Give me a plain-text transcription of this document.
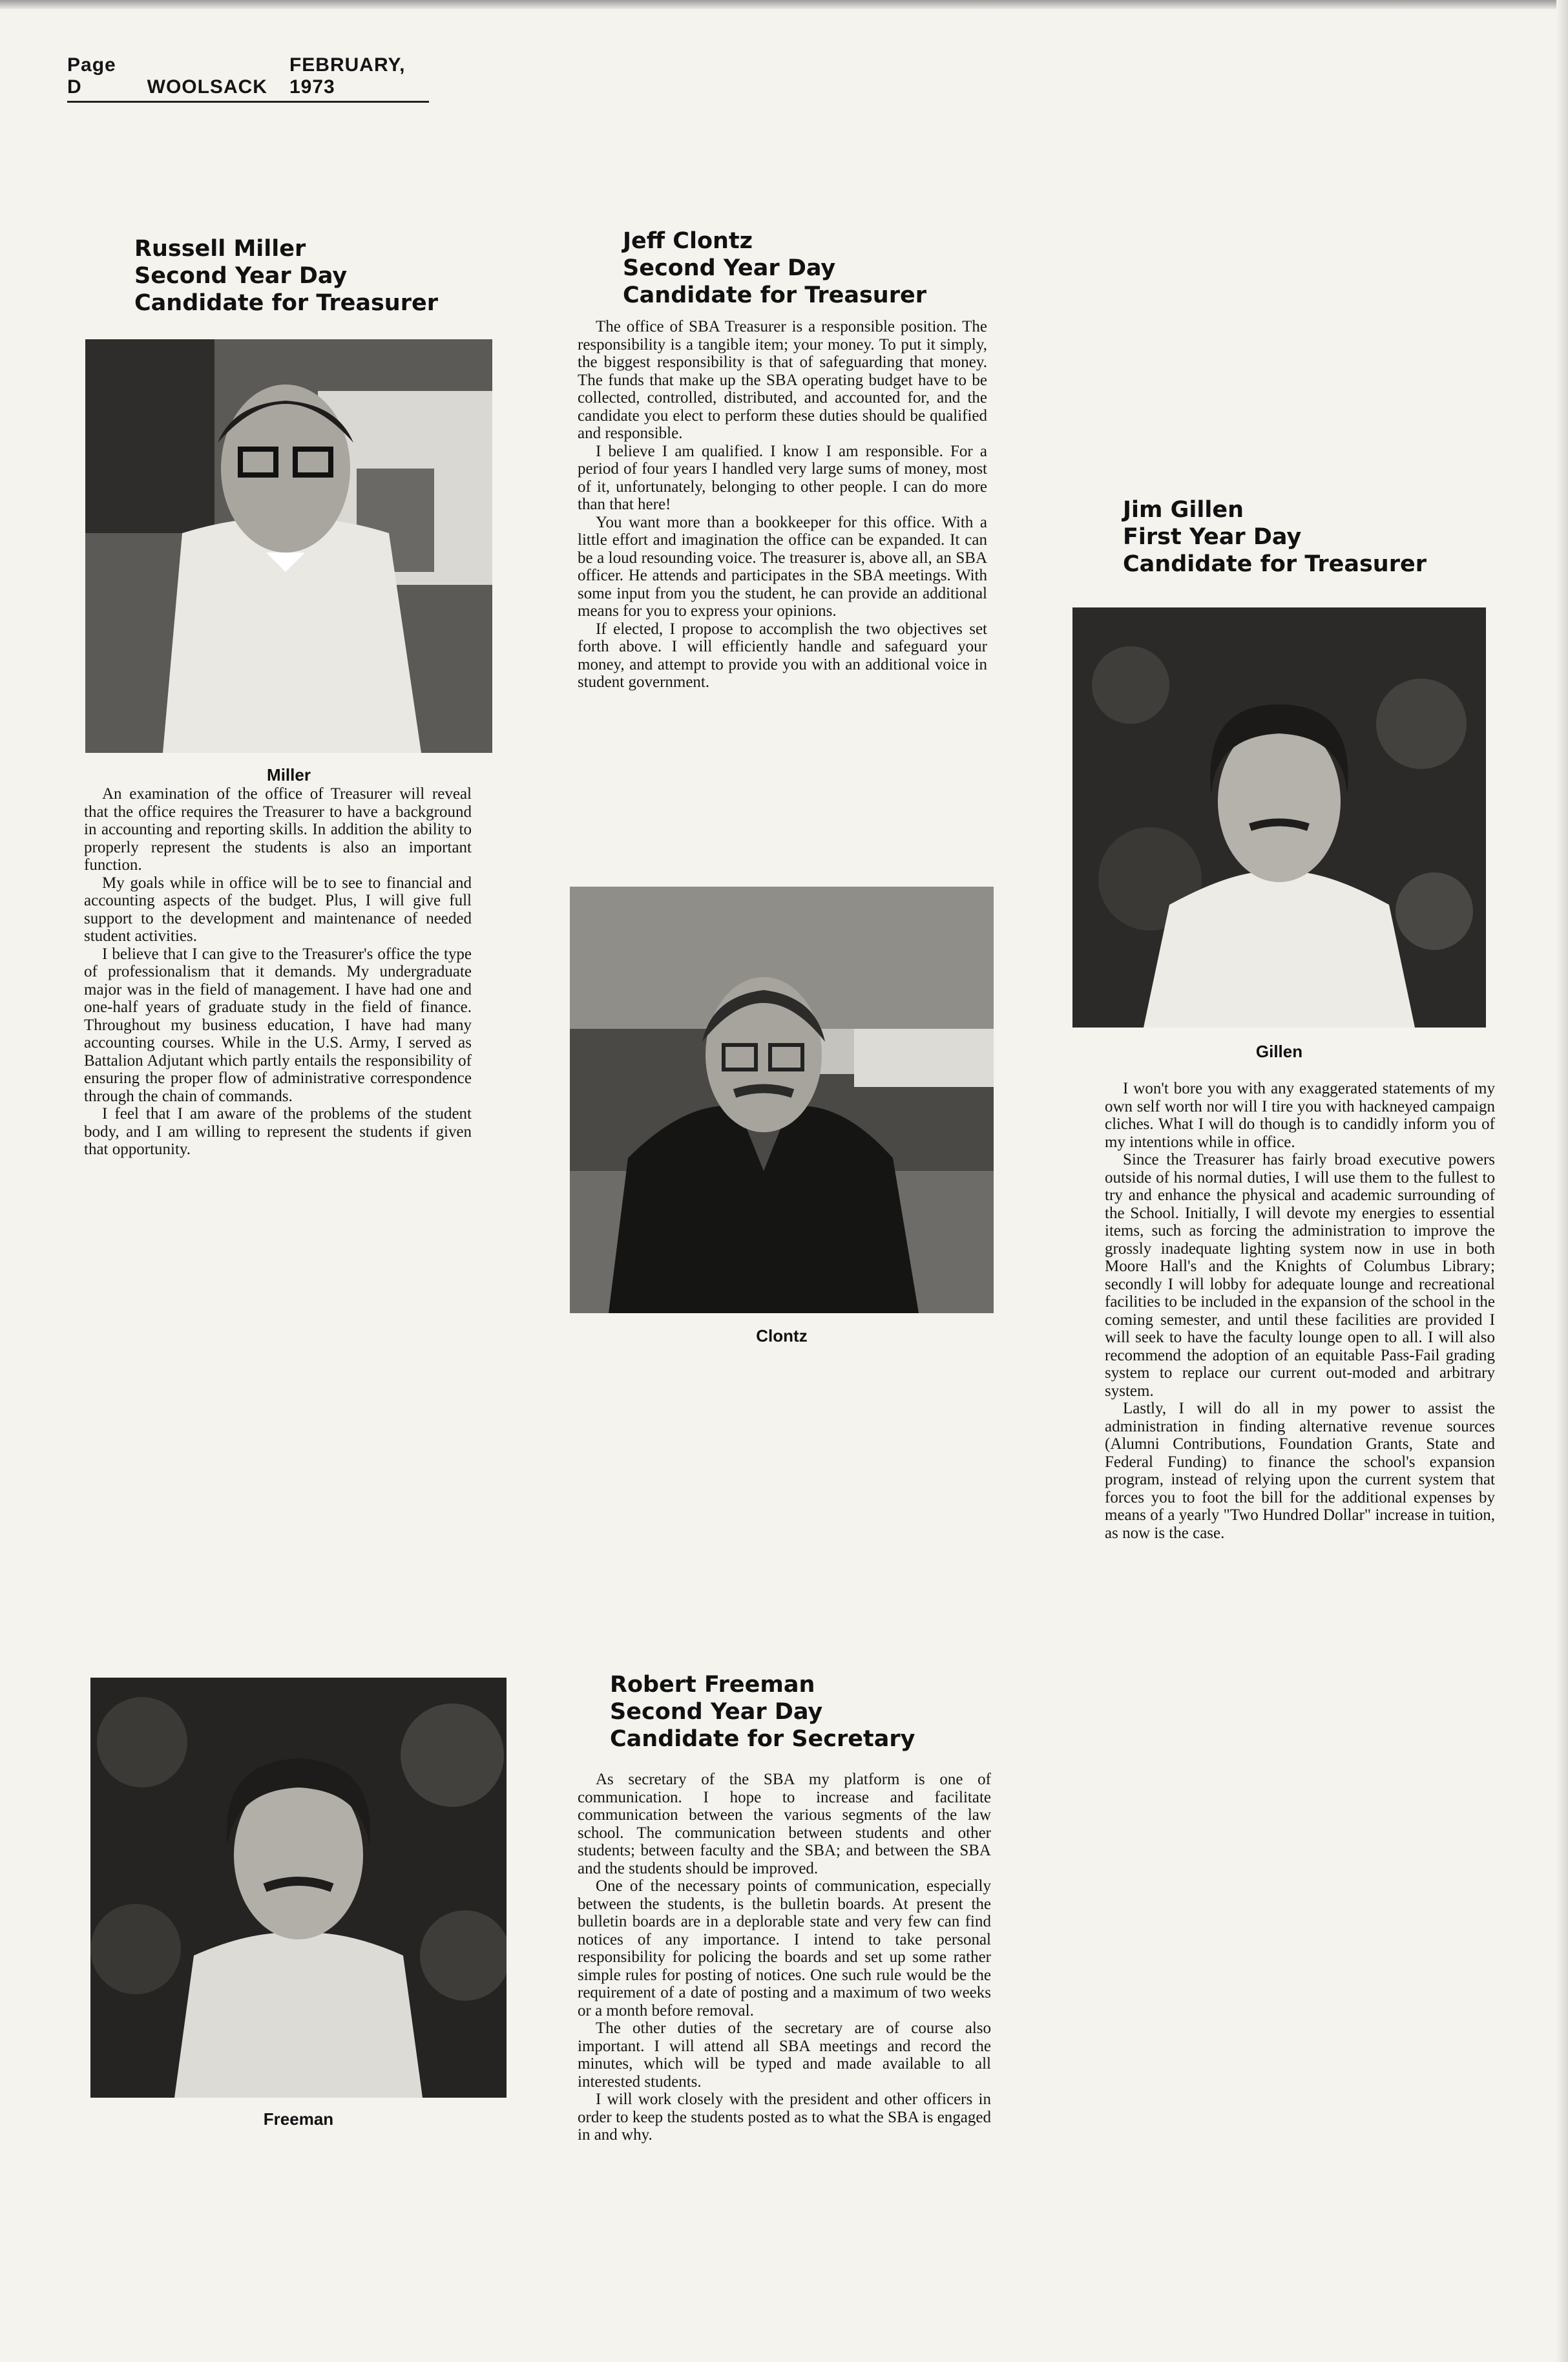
Page D	WOOLSACK
FEBRUARY, 1973
Russell Miller
Second Year Day
Candidate for Treasurer
Miller

An examination of the office of Treasurer will reveal that the office requires the Treasurer to have a background in accounting and reporting skills. In addition the ability to properly represent the students is also an important function.

My goals while in office will be to see to financial and accounting aspects of the budget. Plus, I will give full support to the development and maintenance of needed student activities.

I believe that I can give to the Treasurer's office the type of professionalism that it demands. My undergraduate major was in the field of management. I have had one and one-half years of graduate study in the field of finance. Throughout my business education, I have had many accounting courses. While in the U.S. Army, I served as Battalion Adjutant which partly entails the responsibility of ensuring the proper flow of administrative correspondence through the chain of commands.

I feel that I am aware of the problems of the student body, and I am willing to represent the students if given that opportunity.

Jeff Clontz
Second Year Day
Candidate for Treasurer

The office of SBA Treasurer is a responsible position. The responsibility is a tangible item; your money. To put it simply, the biggest responsibility is that of safeguarding that money. The funds that make up the SBA operating budget have to be collected, controlled, distributed, and accounted for, and the candidate you elect to perform these duties should be qualified and responsible.

I believe I am qualified. I know I am responsible. For a period of four years I handled very large sums of money, most of it, unfortunately, belonging to other people. I can do more than that here!

You want more than a bookkeeper for this office. With a little effort and imagination the office can be expanded. It can be a loud resounding voice. The treasurer is, above all, an SBA officer. He attends and participates in the SBA meetings. With some input from you the student, he can provide an additional means for you to express your opinions.

If elected, I propose to accomplish the two objectives set forth above. I will efficiently handle and safeguard your money, and attempt to provide you with an additional voice in student government.

Clontz
Jim Gillen
First Year Day
Candidate for Treasurer
Gillen

I won't bore you with any exaggerated statements of my own self worth nor will I tire you with hackneyed campaign cliches. What I will do though is to candidly inform you of my intentions while in office.

Since the Treasurer has fairly broad executive powers outside of his normal duties, I will use them to the fullest to try and enhance the physical and academic surrounding of the School. Initially, I will devote my energies to essential items, such as forcing the administration to improve the grossly inadequate lighting system now in use in both Moore Hall's and the Knights of Columbus Library; secondly I will lobby for adequate lounge and recreational facilities to be included in the expansion of the school in the coming semester, and until these facilities are provided I will seek to have the faculty lounge open to all. I will also recommend the adoption of an equitable Pass-Fail grading system to replace our current out-moded and arbitrary system.

Lastly, I will do all in my power to assist the administration in finding alternative revenue sources (Alumni Contributions, Foundation Grants, State and Federal Funding) to finance the school's expansion program, instead of relying upon the current system that forces you to foot the bill for the additional expenses by means of a yearly "Two Hundred Dollar" increase in tuition, as now is the case.

Freeman
Robert Freeman
Second Year Day
Candidate for Secretary

As secretary of the SBA my platform is one of communication. I hope to increase and facilitate communication between the various segments of the law school. The communication between students and other students; between faculty and the SBA; and between the SBA and the students should be improved.

One of the necessary points of communication, especially between the students, is the bulletin boards. At present the bulletin boards are in a deplorable state and very few can find notices of any importance. I intend to take personal responsibility for policing the boards and set up some rather simple rules for posting of notices. One such rule would be the requirement of a date of posting and a maximum of two weeks or a month before removal.

The other duties of the secretary are of course also important. I will attend all SBA meetings and record the minutes, which will be typed and made available to all interested students.

I will work closely with the president and other officers in order to keep the students posted as to what the SBA is engaged in and why.
